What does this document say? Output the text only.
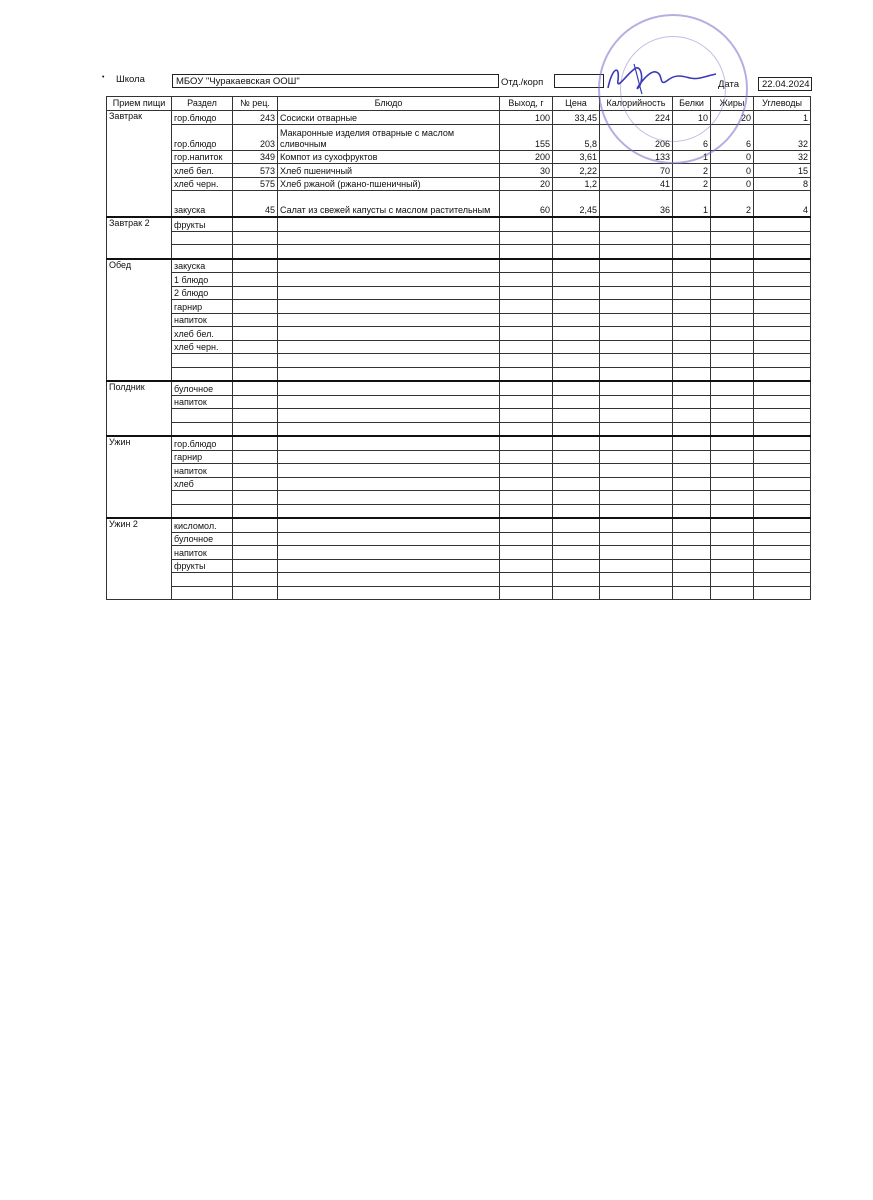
• Школа	МБОУ "Чуракаевская ООШ"	Отд./корп	Дата	22.04.2024
Прием пищи	Раздел	№ рец.	Блюдо	Выход, г	Цена	Калорийность	Белки	Жиры	Углеводы
Завтрак	гор.блюдо	243	Сосиски отварные	100	33,45	224	10	20	1
	гор.блюдо	203	Макаронные изделия отварные с маслом сливочным	155	5,8	206	6	6	32
	гор.напиток	349	Компот из сухофруктов	200	3,61	133	1	0	32
	хлеб бел.	573	Хлеб пшеничный	30	2,22	70	2	0	15
	хлеб черн.	575	Хлеб ржаной (ржано-пшеничный)	20	1,2	41	2	0	8
	закуска	45	Салат из свежей капусты с маслом растительным	60	2,45	36	1	2	4
Завтрак 2	фрукты								

Обед	закуска								
	1 блюдо								
	2 блюдо								
	гарнир								
	напиток								
	хлеб бел.								
	хлеб черн.								

Полдник	булочное								
	напиток								

Ужин	гор.блюдо								
	гарнир								
	напиток								
	хлеб								

Ужин 2	кисломол.								
	булочное								
	напиток								
	фрукты								
